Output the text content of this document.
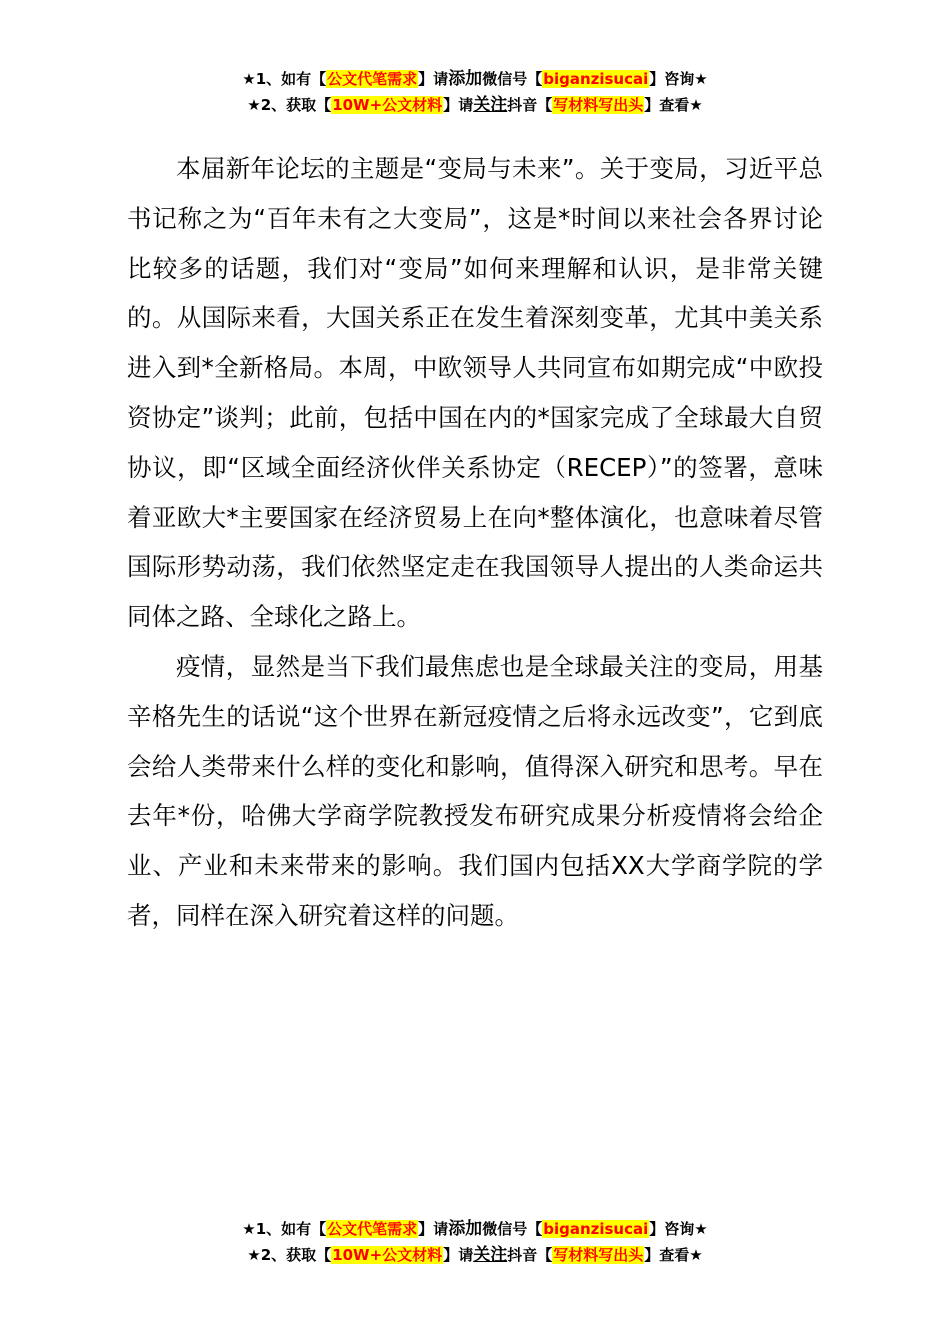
★1、如有【公文代笔需求】请添加微信号【biganzisucai】咨询★
★2、获取【10W+公文材料】请关注抖音【写材料写出头】查看★

本届新年论坛的主题是“变局与未来”。关于变局，习近平总书记称之为“百年未有之大变局”，这是*时间以来社会各界讨论比较多的话题，我们对“变局”如何来理解和认识，是非常关键的。从国际来看，大国关系正在发生着深刻变革，尤其中美关系进入到*全新格局。本周，中欧领导人共同宣布如期完成“中欧投资协定”谈判；此前，包括中国在内的*国家完成了全球最大自贸协议，即“区域全面经济伙伴关系协定（RECEP）”的签署，意味着亚欧大*主要国家在经济贸易上在向*整体演化，也意味着尽管国际形势动荡，我们依然坚定走在我国领导人提出的人类命运共同体之路、全球化之路上。

疫情，显然是当下我们最焦虑也是全球最关注的变局，用基辛格先生的话说“这个世界在新冠疫情之后将永远改变”，它到底会给人类带来什么样的变化和影响，值得深入研究和思考。早在去年*份，哈佛大学商学院教授发布研究成果分析疫情将会给企业、产业和未来带来的影响。我们国内包括XX大学商学院的学者，同样在深入研究着这样的问题。

★1、如有【公文代笔需求】请添加微信号【biganzisucai】咨询★
★2、获取【10W+公文材料】请关注抖音【写材料写出头】查看★
